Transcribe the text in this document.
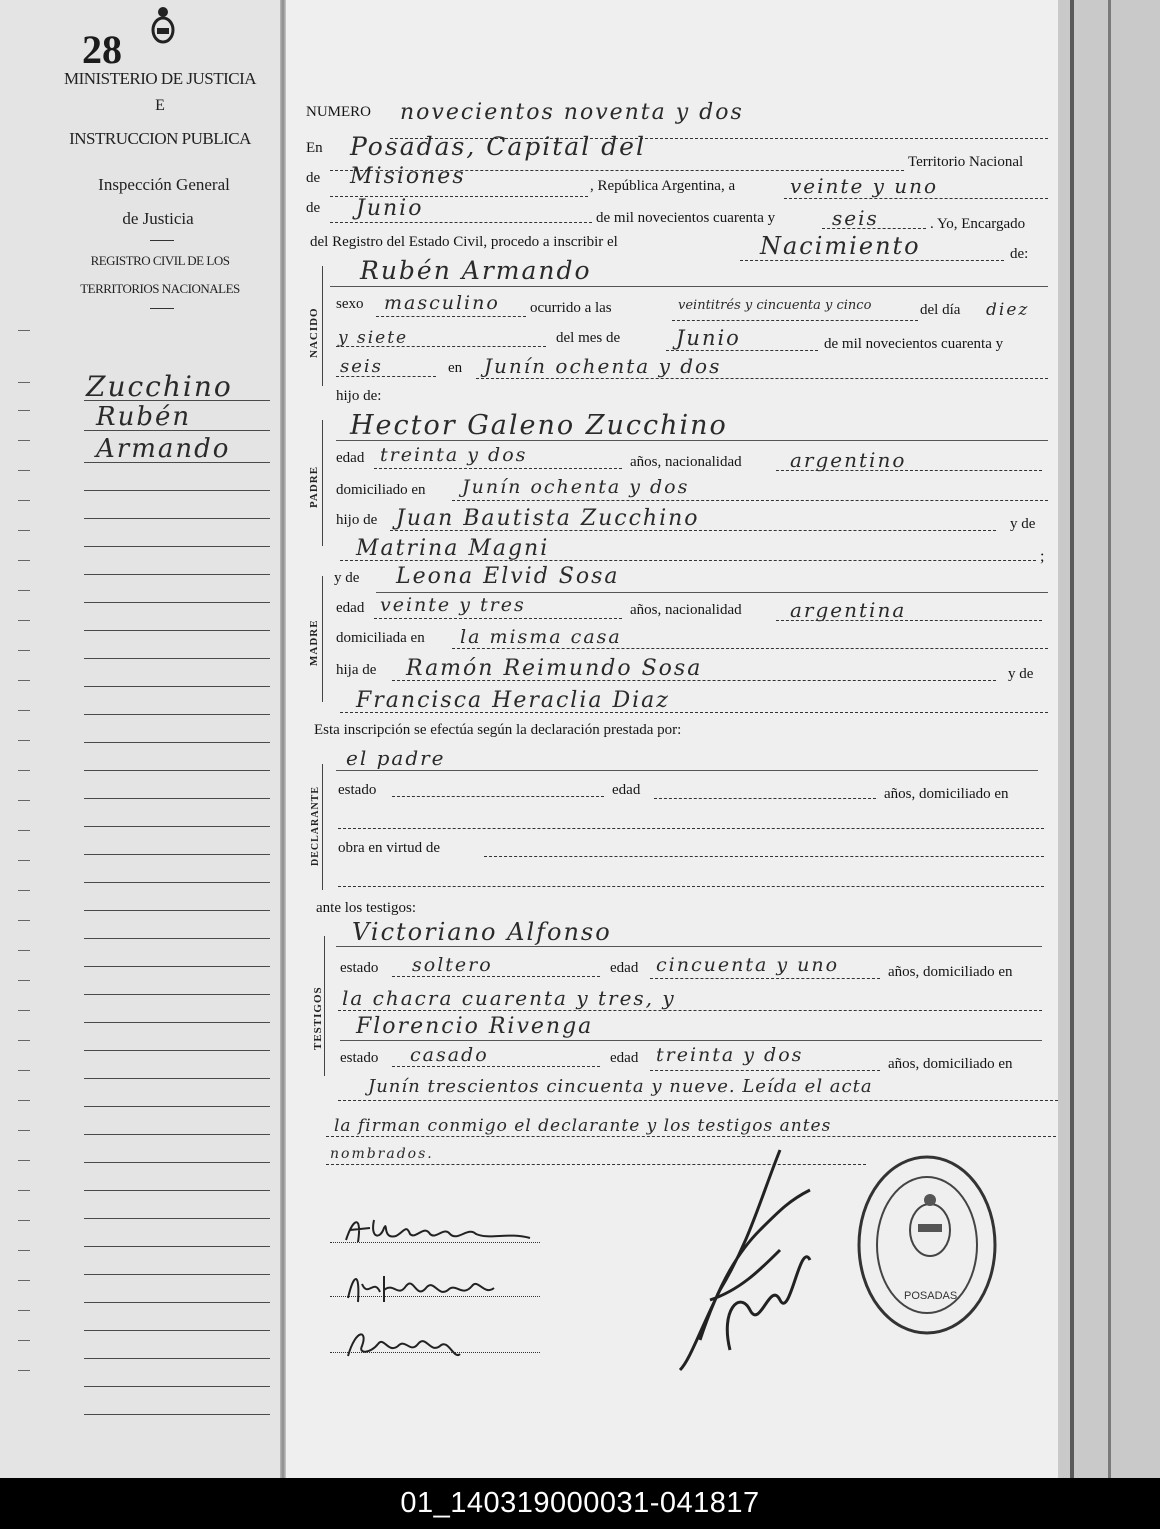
28
MINISTERIO DE JUSTICIA
E
INSTRUCCION PUBLICA
Inspección General
de Justicia
REGISTRO CIVIL DE LOS
TERRITORIOS NACIONALES
Zucchino
Rubén
Armando
NUMERO novecientos noventa y dos
En Posadas, Capital del
Territorio Nacional
de Misiones	, República Argentina, a	veinte y uno
de Junio	de mil novecientos cuarenta y	seis	. Yo, Encargado
del Registro del Estado Civil, procedo a inscribir el	Nacimiento	de:
Rubén Armando
NACIDO
sexo masculino ocurrido a las	veintitrés y cincuenta y cinco	del día diez
y siete	del mes de	Junio	de mil novecientos cuarenta y
seis	en Junín ochenta y dos
hijo de:
Hector Galeno Zucchino
PADRE
edad treinta y dos	años, nacionalidad argentino
domiciliado en Junín ochenta y dos
hijo de Juan Bautista Zucchino	y de
Matrina Magni	;
y de Leona Elvid Sosa
MADRE
edad veinte y tres	años, nacionalidad argentina
domiciliada en la misma casa
hija de Ramón Reimundo Sosa	y de
Francisca Heraclia Diaz
Esta inscripción se efectúa según la declaración prestada por:
el padre
DECLARANTE estado	edad	años, domiciliado en
obra en virtud de
ante los testigos:
Victoriano Alfonso
TESTIGOS
estado soltero	edad cincuenta y uno	años, domiciliado en
la chacra cuarenta y tres, y
Florencio Rivenga
estado casado	edad treinta y dos	años, domiciliado en
Junín trescientos cincuenta y nueve. Leída el acta
la firman conmigo el declarante y los testigos antes
nombrados.
POSADAS
01_140319000031-041817
